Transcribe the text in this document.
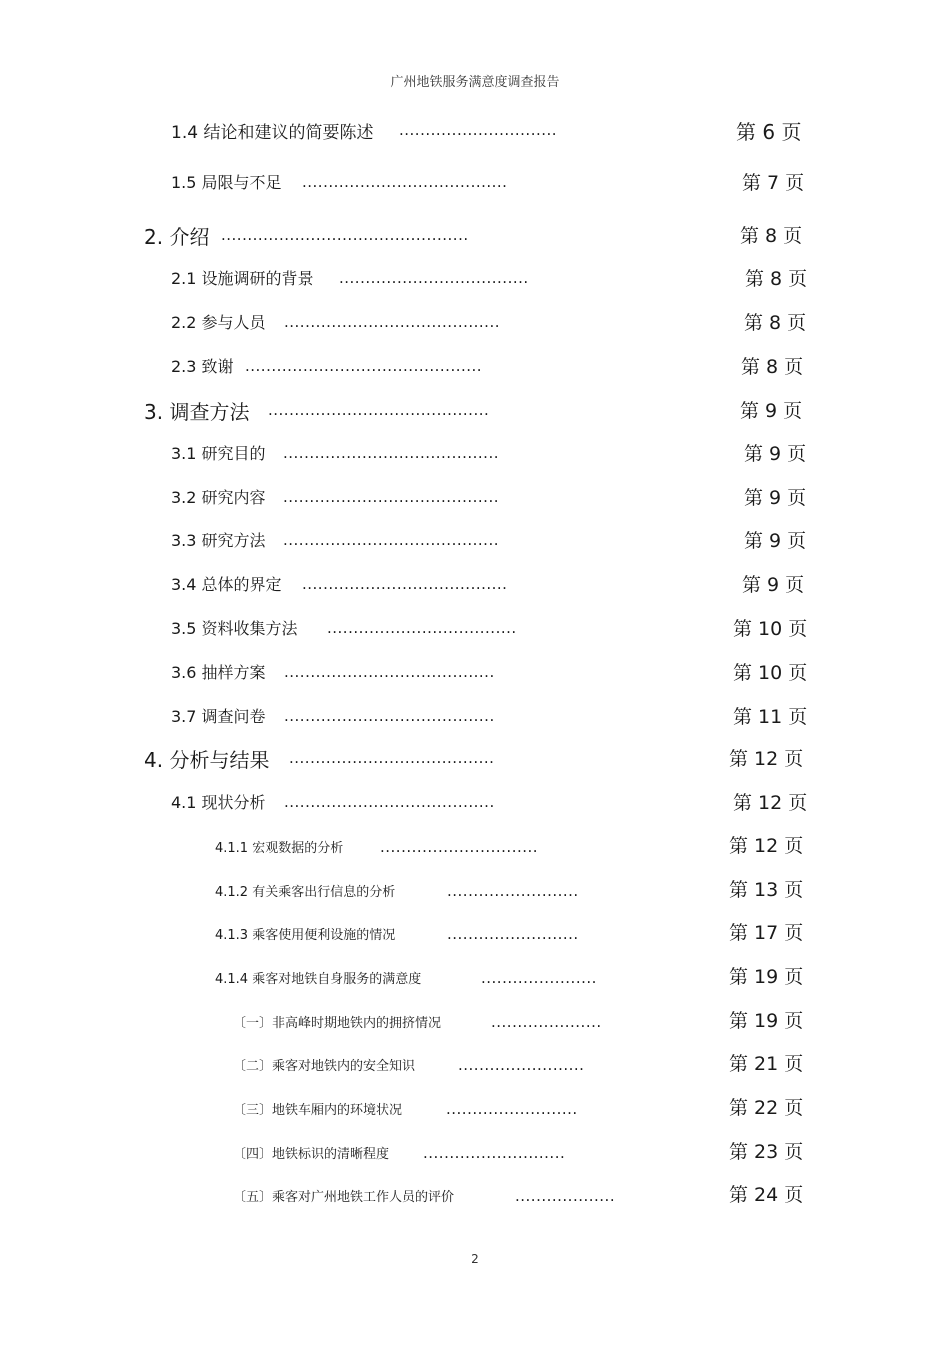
广州地铁服务满意度调查报告
1.4 结论和建议的简要陈述 ..............................	第 6 页
1.5 局限与不足 .......................................	第 7 页
2. 介绍 ...............................................	第 8 页
2.1 设施调研的背景 ....................................	第 8 页
2.2 参与人员 .........................................	第 8 页
2.3 致谢 .............................................	第 8 页
3. 调查方法 ..........................................	第 9 页
3.1 研究目的 .........................................	第 9 页
3.2 研究内容 .........................................	第 9 页
3.3 研究方法 .........................................	第 9 页
3.4 总体的界定 .......................................	第 9 页
3.5 资料收集方法 ....................................	第 10 页
3.6 抽样方案 ........................................	第 10 页
3.7 调查问卷 ........................................	第 11 页
4. 分析与结果 .......................................	第 12 页
4.1 现状分析 ........................................	第 12 页
4.1.1 宏观数据的分析 ..............................	第 12 页
4.1.2 有关乘客出行信息的分析	.........................	第 13 页
4.1.3 乘客使用便利设施的情况	.........................	第 17 页
4.1.4 乘客对地铁自身服务的满意度	......................	第 19 页
〔一〕非高峰时期地铁内的拥挤情况	.....................	第 19 页
〔二〕乘客对地铁内的安全知识	........................	第 21 页
〔三〕地铁车厢内的环境状况	.........................	第 22 页
〔四〕地铁标识的清晰程度 ...........................	第 23 页
〔五〕乘客对广州地铁工作人员的评价	...................	第 24 页
2
